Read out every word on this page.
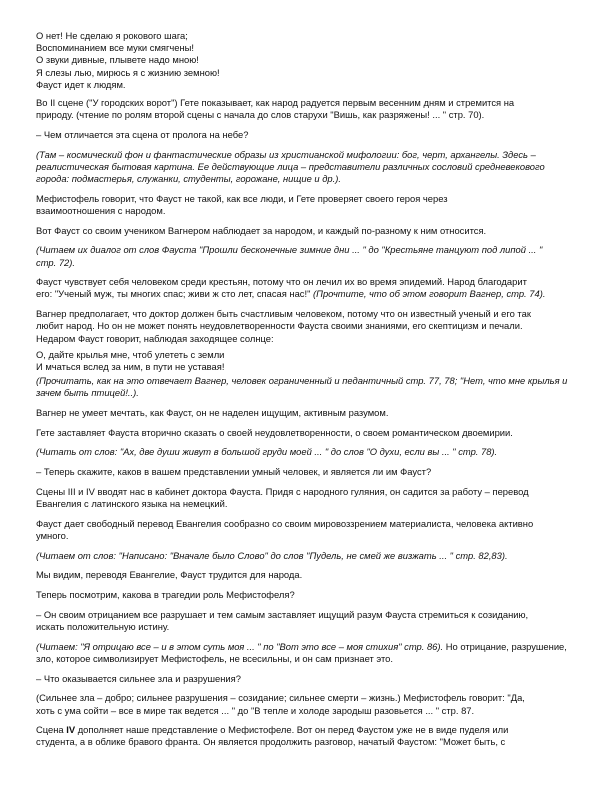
О нет! Не сделаю я рокового шага;
Воспоминанием все муки смягчены!
О звуки дивные, плывете надо мною!
Я слезы лью, мирюсь я с жизнию земною!
Фауст идет к людям.

Во II сцене ("У городских ворот") Гете показывает, как народ радуется первым весенним дням и стремится на
природу. (чтение по ролям второй сцены с начала до слов старухи "Вишь, как разряжены! ... " стр. 70).

– Чем отличается эта сцена от пролога на небе?

(Там – космический фон и фантастические образы из христианской мифологии: бог, черт, архангелы. Здесь –
реалистическая бытовая картина. Ее действующие лица – представители различных сословий средневекового
города: подмастерья, служанки, студенты, горожане, нищие и др.).

Мефистофель говорит, что Фауст не такой, как все люди, и Гете проверяет своего героя через
взаимоотношения с народом.

Вот Фауст со своим учеником Вагнером наблюдает за народом, и каждый по-разному к ним относится.

(Читаем их диалог от слов Фауста "Прошли бесконечные зимние дни ... " до "Крестьяне танцуют под липой ... "
стр. 72).

Фауст чувствует себя человеком среди крестьян, потому что он лечил их во время эпидемий. Народ благодарит
его: "Ученый муж, ты многих спас; живи ж сто лет, спасая нас!" (Прочтите, что об этом говорит Вагнер, стр. 74).

Вагнер предполагает, что доктор должен быть счастливым человеком, потому что он известный ученый и его так
любит народ. Но он не может понять неудовлетворенности Фауста своими знаниями, его скептицизм и печали.
Недаром Фауст говорит, наблюдая заходящее солнце:

О, дайте крылья мне, чтоб улететь с земли
И мчаться вслед за ним, в пути не уставая!

(Прочитать, как на это отвечает Вагнер, человек ограниченный и педантичный стр. 77, 78; "Нет, что мне крылья и
зачем быть птицей!..).

Вагнер не умеет мечтать, как Фауст, он не наделен ищущим, активным разумом.

Гете заставляет Фауста вторично сказать о своей неудовлетворенности, о своем романтическом двоемирии.

(Читать от слов: "Ах, две души живут в большой груди моей ... " до слов "О духи, если вы ... " стр. 78).

– Теперь скажите, каков в вашем представлении умный человек, и является ли им Фауст?

Сцены III и IV вводят нас в кабинет доктора Фауста. Придя с народного гуляния, он садится за работу – перевод
Евангелия с латинского языка на немецкий.

Фауст дает свободный перевод Евангелия сообразно со своим мировоззрением материалиста, человека активно
умного.

(Читаем от слов: "Написано: "Вначале было Слово" до слов "Пудель, не смей же визжать ... " стр. 82,83).

Мы видим, переводя Евангелие, Фауст трудится для народа.

Теперь посмотрим, какова в трагедии роль Мефистофеля?

– Он своим отрицанием все разрушает и тем самым заставляет ищущий разум Фауста стремиться к созиданию,
искать положительную истину.

(Читаем: "Я отрицаю все – и в этом суть моя ... " по "Вот это все – моя стихия" стр. 86). Но отрицание, разрушение,
зло, которое символизирует Мефистофель, не всесильны, и он сам признает это.

– Что оказывается сильнее зла и разрушения?

(Сильнее зла – добро; сильнее разрушения – созидание; сильнее смерти – жизнь.) Мефистофель говорит: "Да,
хоть с ума сойти – все в мире так ведется ... " до "В тепле и холоде зародыш разовьется ... " стр. 87.

Сцена IV дополняет наше представление о Мефистофеле. Вот он перед Фаустом уже не в виде пуделя или
студента, а в облике бравого франта. Он является продолжить разговор, начатый Фаустом: "Может быть, с
